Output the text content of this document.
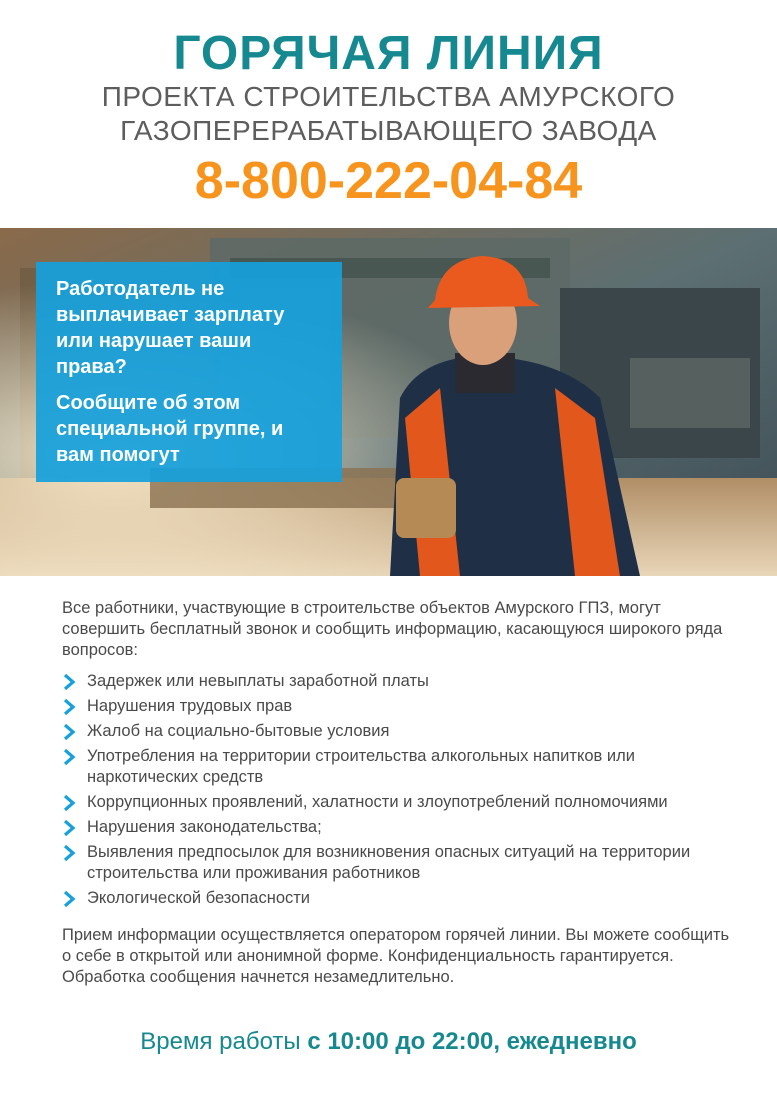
ГОРЯЧАЯ ЛИНИЯ
ПРОЕКТА СТРОИТЕЛЬСТВА АМУРСКОГО
ГАЗОПЕРЕРАБАТЫВАЮЩЕГО ЗАВОДА
8-800-222-04-84

Работодатель не выплачивает зарплату или нарушает ваши права?

Сообщите об этом специальной группе, и вам помогут

Все работники, участвующие в строительстве объектов Амурского ГПЗ, могут совершить бесплатный звонок и сообщить информацию, касающуюся широкого ряда вопросов:

Задержек или невыплаты заработной платы
Нарушения трудовых прав
Жалоб на социально-бытовые условия
Употребления на территории строительства алкогольных напитков или наркотических средств
Коррупционных проявлений, халатности и злоупотреблений полномочиями
Нарушения законодательства;
Выявления предпосылок для возникновения опасных ситуаций на территории строительства или проживания работников
Экологической безопасности

Прием информации осуществляется оператором горячей линии. Вы можете сообщить о себе в открытой или анонимной форме. Конфиденциальность гарантируется. Обработка сообщения начнется незамедлительно.

Время работы с 10:00 до 22:00, ежедневно
